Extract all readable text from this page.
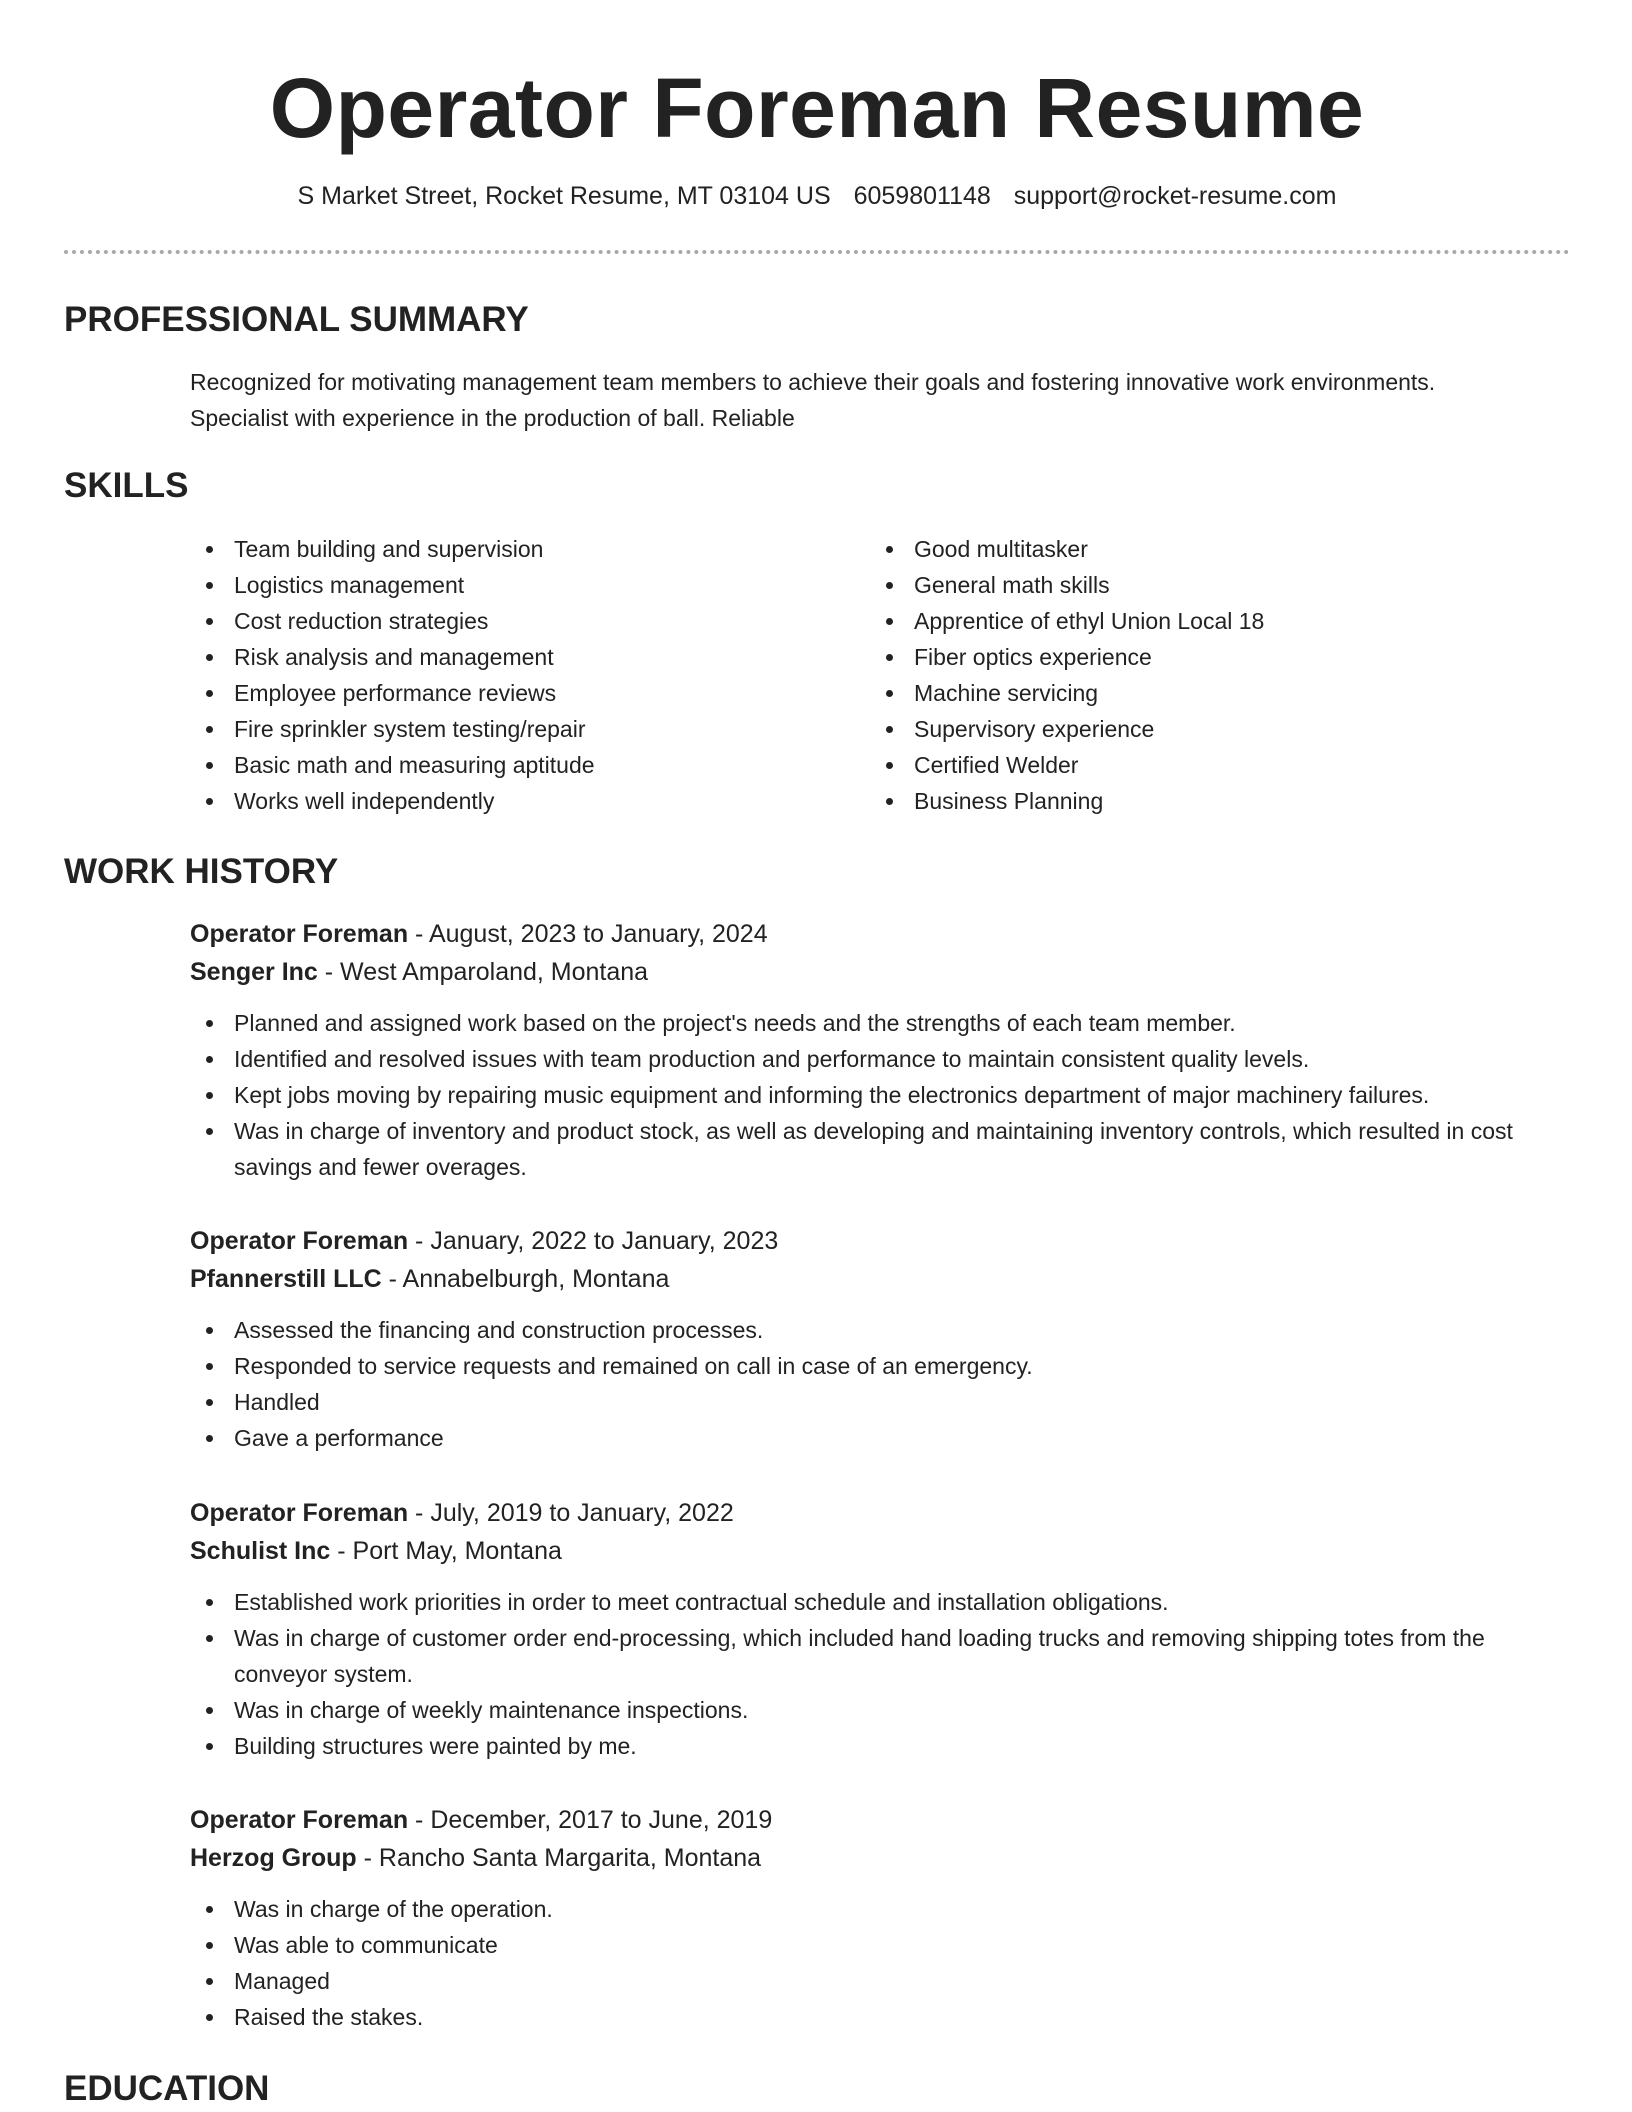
Operator Foreman Resume
S Market Street, Rocket Resume, MT 03104 US 6059801148 support@rocket-resume.com
PROFESSIONAL SUMMARY
Recognized for motivating management team members to achieve their goals and fostering innovative work environments.
Specialist with experience in the production of ball. Reliable
SKILLS
Team building and supervision
Logistics management
Cost reduction strategies
Risk analysis and management
Employee performance reviews
Fire sprinkler system testing/repair
Basic math and measuring aptitude
Works well independently
Good multitasker
General math skills
Apprentice of ethyl Union Local 18
Fiber optics experience
Machine servicing
Supervisory experience
Certified Welder
Business Planning
WORK HISTORY
Operator Foreman - August, 2023 to January, 2024
Senger Inc - West Amparoland, Montana
Planned and assigned work based on the project's needs and the strengths of each team member.
Identified and resolved issues with team production and performance to maintain consistent quality levels.
Kept jobs moving by repairing music equipment and informing the electronics department of major machinery failures.
Was in charge of inventory and product stock, as well as developing and maintaining inventory controls, which resulted in cost savings and fewer overages.
Operator Foreman - January, 2022 to January, 2023
Pfannerstill LLC - Annabelburgh, Montana
Assessed the financing and construction processes.
Responded to service requests and remained on call in case of an emergency.
Handled
Gave a performance
Operator Foreman - July, 2019 to January, 2022
Schulist Inc - Port May, Montana
Established work priorities in order to meet contractual schedule and installation obligations.
Was in charge of customer order end-processing, which included hand loading trucks and removing shipping totes from the conveyor system.
Was in charge of weekly maintenance inspections.
Building structures were painted by me.
Operator Foreman - December, 2017 to June, 2019
Herzog Group - Rancho Santa Margarita, Montana
Was in charge of the operation.
Was able to communicate
Managed
Raised the stakes.
EDUCATION
